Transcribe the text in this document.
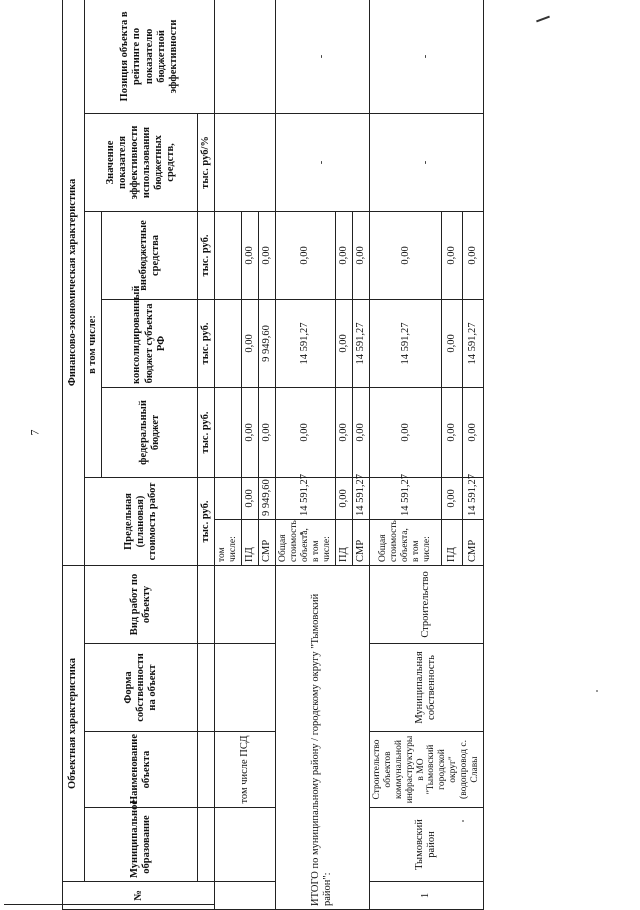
7
№	Объектная характеристика				Финансово-экономическая характеристика						
	Муниципальное образование	Наименование объекта	Форма собственности на объект	Вид работ по объекту	Предельная (плановая) стоимость работ		в том числе:			Значение показателя эффективности использования бюджетных средств,	Позиция объекта в рейтинге по показателю бюджетной эффективности
							федеральный бюджет	консолидированный бюджет субъекта РФ	внебюджетные средства		
					тыс. руб.		тыс. руб.	тыс. руб.	тыс. руб.	тыс. руб/%	
		том числе ПСД			том числе:						
					ПД	0,00	0,00	0,00	0,00		
					СМР	9 949,60	0,00	9 949,60	0,00		
ИТОГО по муниципальному району / городскому округу "Тымовский район":					Общая стоимость объекта, в том числе:	14 591,27	0,00	14 591,27	0,00	-	-
					ПД	0,00	0,00	0,00	0,00		
					СМР	14 591,27	0,00	14 591,27	0,00		
1	Тымовский район	Строительство объектов коммунальной инфраструктуры в МО "Тымовский городской округ" (водопровод с. Славы	Муниципальная собственность	Строительство	Общая стоимость объекта, в том числе:	14 591,27	0,00	14 591,27	0,00	-	-
					ПД	0,00	0,00	0,00	0,00		
					СМР	14 591,27	0,00	14 591,27	0,00		
